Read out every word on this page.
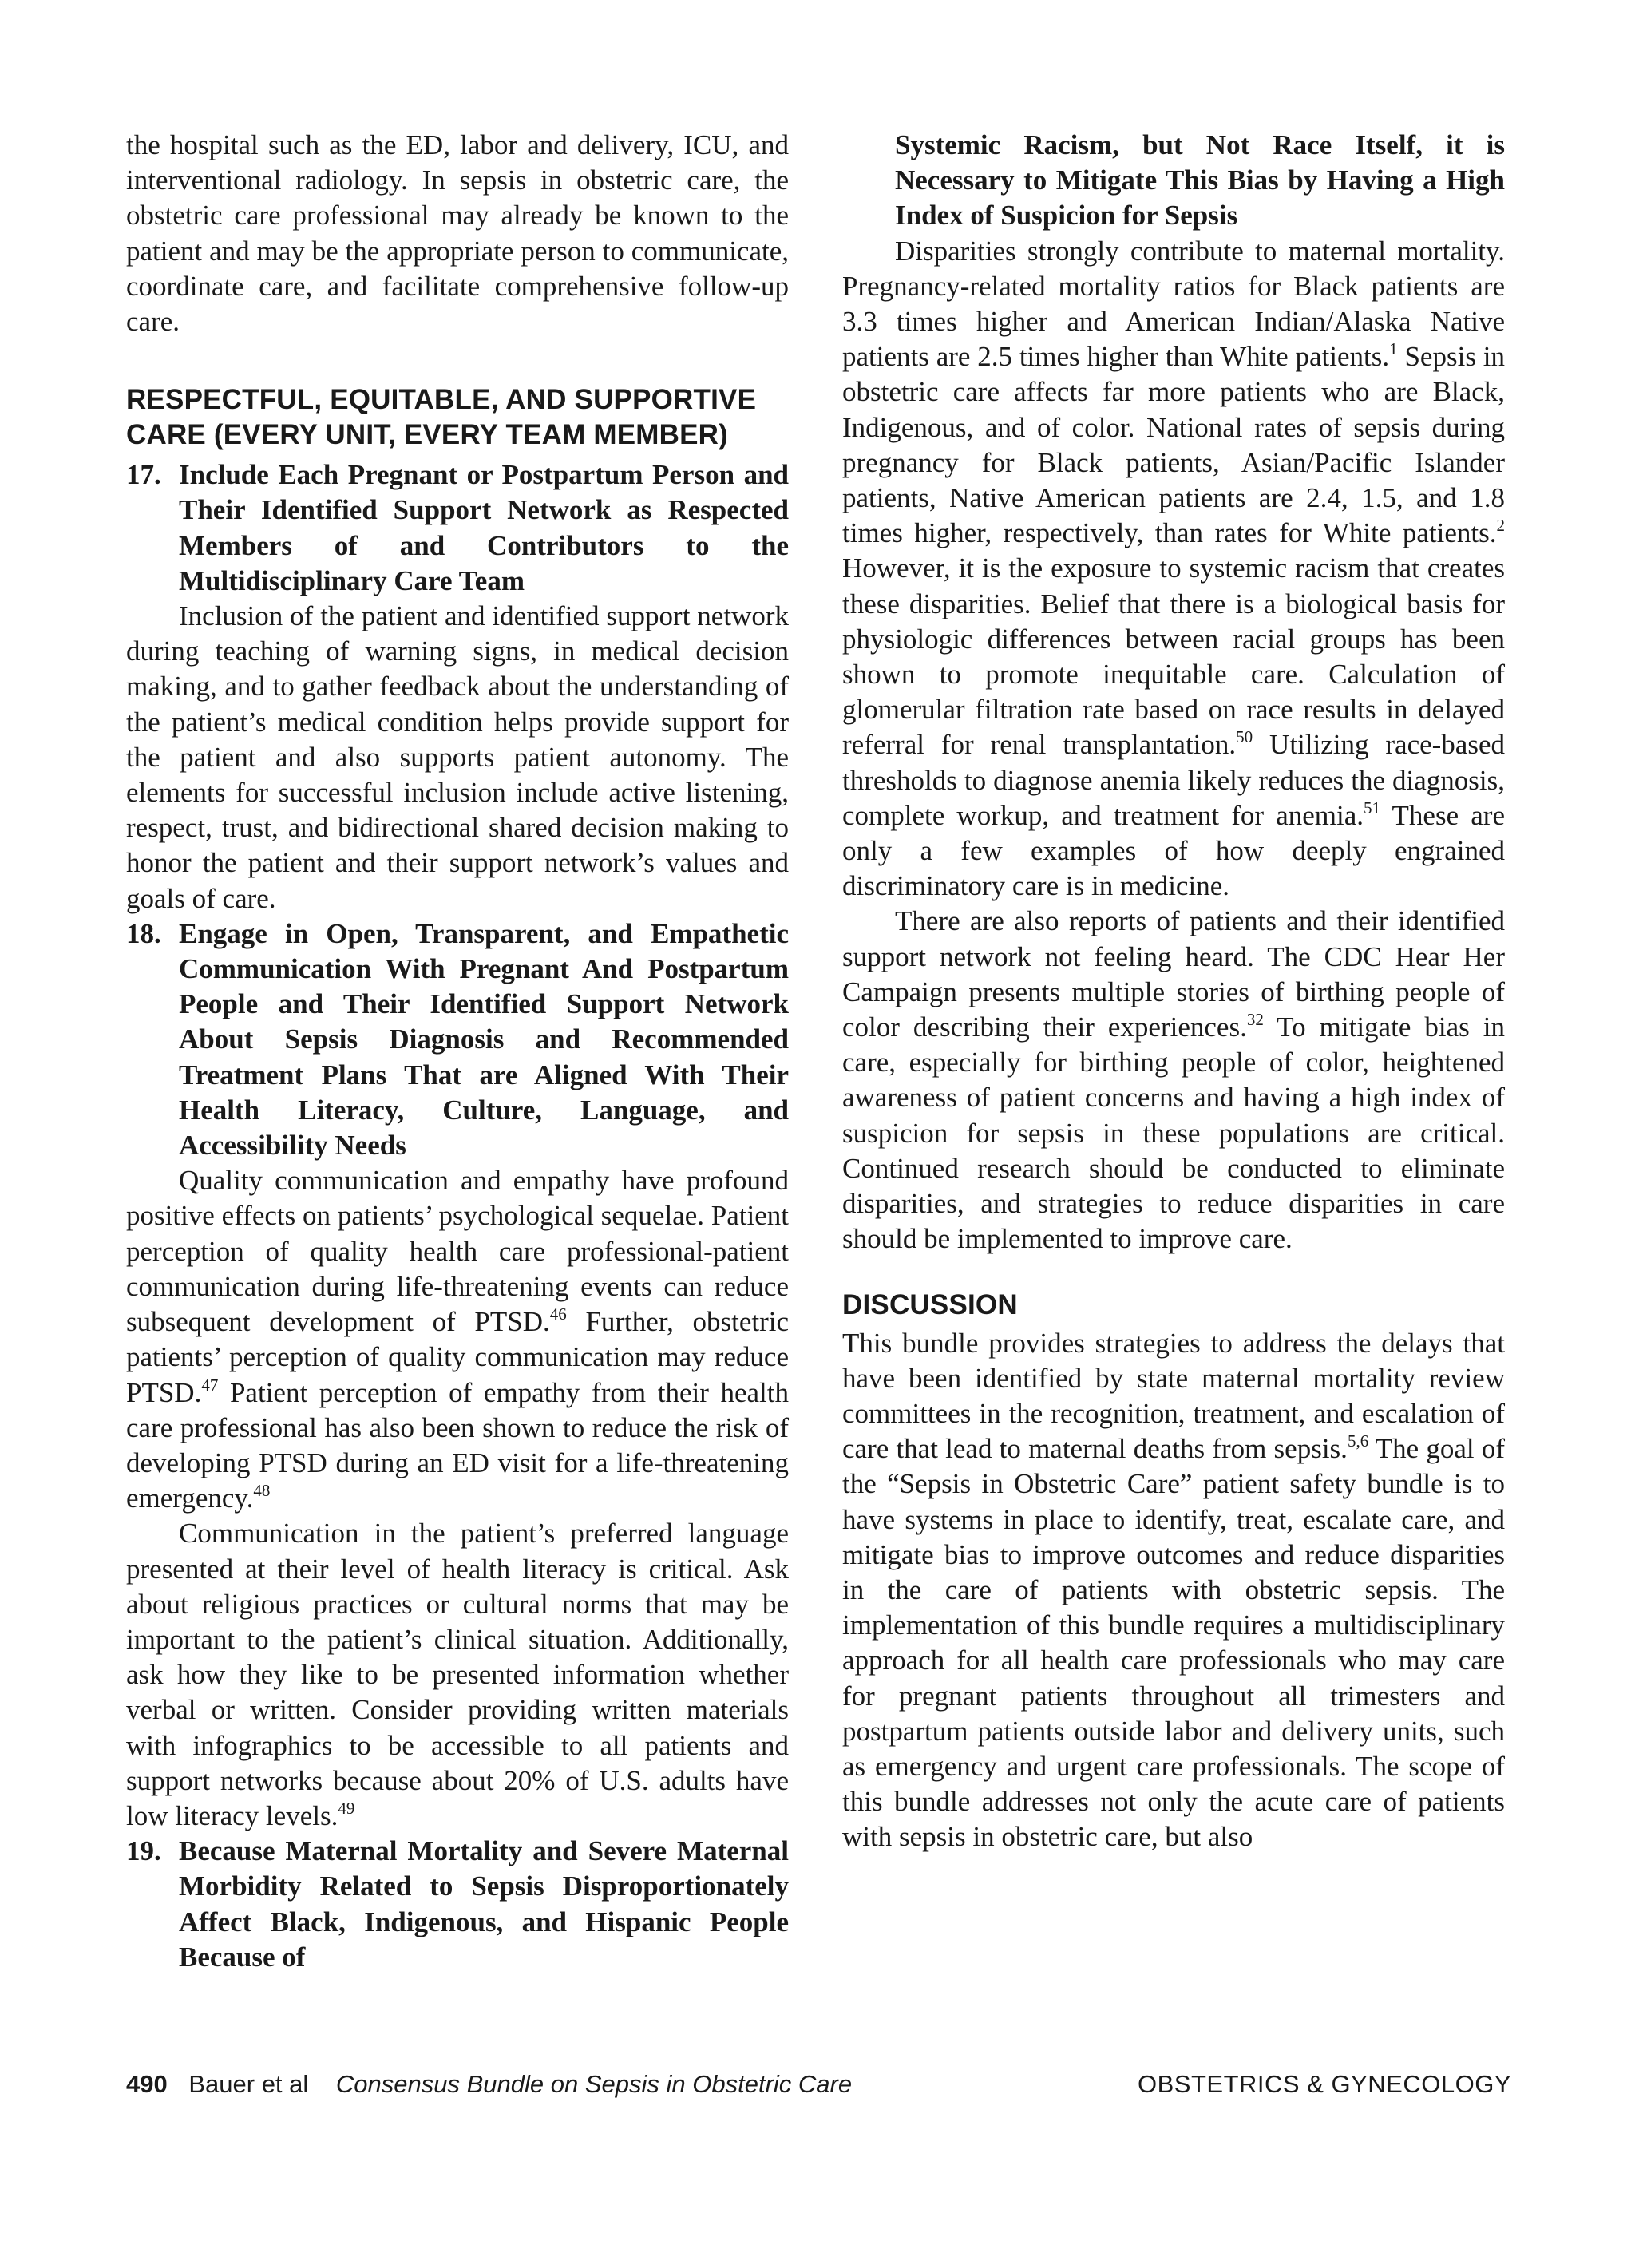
the hospital such as the ED, labor and delivery, ICU, and interventional radiology. In sepsis in obstetric care, the obstetric care professional may already be known to the patient and may be the appropriate person to communicate, coordinate care, and facilitate comprehensive follow-up care.

RESPECTFUL, EQUITABLE, AND SUPPORTIVE CARE (EVERY UNIT, EVERY TEAM MEMBER)
17. Include Each Pregnant or Postpartum Person and Their Identified Support Network as Respected Members of and Contributors to the Multidisciplinary Care Team

Inclusion of the patient and identified support network during teaching of warning signs, in medical decision making, and to gather feedback about the understanding of the patient’s medical condition helps provide support for the patient and also supports patient autonomy. The elements for successful inclusion include active listening, respect, trust, and bidirectional shared decision making to honor the patient and their support network’s values and goals of care.

18. Engage in Open, Transparent, and Empathetic Communication With Pregnant And Postpartum People and Their Identified Support Network About Sepsis Diagnosis and Recommended Treatment Plans That are Aligned With Their Health Literacy, Culture, Language, and Accessibility Needs

Quality communication and empathy have profound positive effects on patients’ psychological sequelae. Patient perception of quality health care professional-patient communication during life-threatening events can reduce subsequent development of PTSD.$^{46}$ Further, obstetric patients’ perception of quality communication may reduce PTSD.$^{47}$ Patient perception of empathy from their health care professional has also been shown to reduce the risk of developing PTSD during an ED visit for a life-threatening emergency.$^{48}$

Communication in the patient’s preferred language presented at their level of health literacy is critical. Ask about religious practices or cultural norms that may be important to the patient’s clinical situation. Additionally, ask how they like to be presented information whether verbal or written. Consider providing written materials with infographics to be accessible to all patients and support networks because about 20% of U.S. adults have low literacy levels.$^{49}$

19. Because Maternal Mortality and Severe Maternal Morbidity Related to Sepsis Disproportionately Affect Black, Indigenous, and Hispanic People Because of
Systemic Racism, but Not Race Itself, it is Necessary to Mitigate This Bias by Having a High Index of Suspicion for Sepsis

Disparities strongly contribute to maternal mortality. Pregnancy-related mortality ratios for Black patients are 3.3 times higher and American Indian/Alaska Native patients are 2.5 times higher than White patients.$^1$ Sepsis in obstetric care affects far more patients who are Black, Indigenous, and of color. National rates of sepsis during pregnancy for Black patients, Asian/Pacific Islander patients, Native American patients are 2.4, 1.5, and 1.8 times higher, respectively, than rates for White patients.$^2$ However, it is the exposure to systemic racism that creates these disparities. Belief that there is a biological basis for physiologic differences between racial groups has been shown to promote inequitable care. Calculation of glomerular filtration rate based on race results in delayed referral for renal transplantation.$^{50}$ Utilizing race-based thresholds to diagnose anemia likely reduces the diagnosis, complete workup, and treatment for anemia.$^{51}$ These are only a few examples of how deeply engrained discriminatory care is in medicine.

There are also reports of patients and their identified support network not feeling heard. The CDC Hear Her Campaign presents multiple stories of birthing people of color describing their experiences.$^{32}$ To mitigate bias in care, especially for birthing people of color, heightened awareness of patient concerns and having a high index of suspicion for sepsis in these populations are critical. Continued research should be conducted to eliminate disparities, and strategies to reduce disparities in care should be implemented to improve care.

DISCUSSION

This bundle provides strategies to address the delays that have been identified by state maternal mortality review committees in the recognition, treatment, and escalation of care that lead to maternal deaths from sepsis.$^{5,6}$ The goal of the “Sepsis in Obstetric Care” patient safety bundle is to have systems in place to identify, treat, escalate care, and mitigate bias to improve outcomes and reduce disparities in the care of patients with obstetric sepsis. The implementation of this bundle requires a multidisciplinary approach for all health care professionals who may care for pregnant patients throughout all trimesters and postpartum patients outside labor and delivery units, such as emergency and urgent care professionals. The scope of this bundle addresses not only the acute care of patients with sepsis in obstetric care, but also

490 Bauer et al Consensus Bundle on Sepsis in Obstetric Care	OBSTETRICS & GYNECOLOGY
